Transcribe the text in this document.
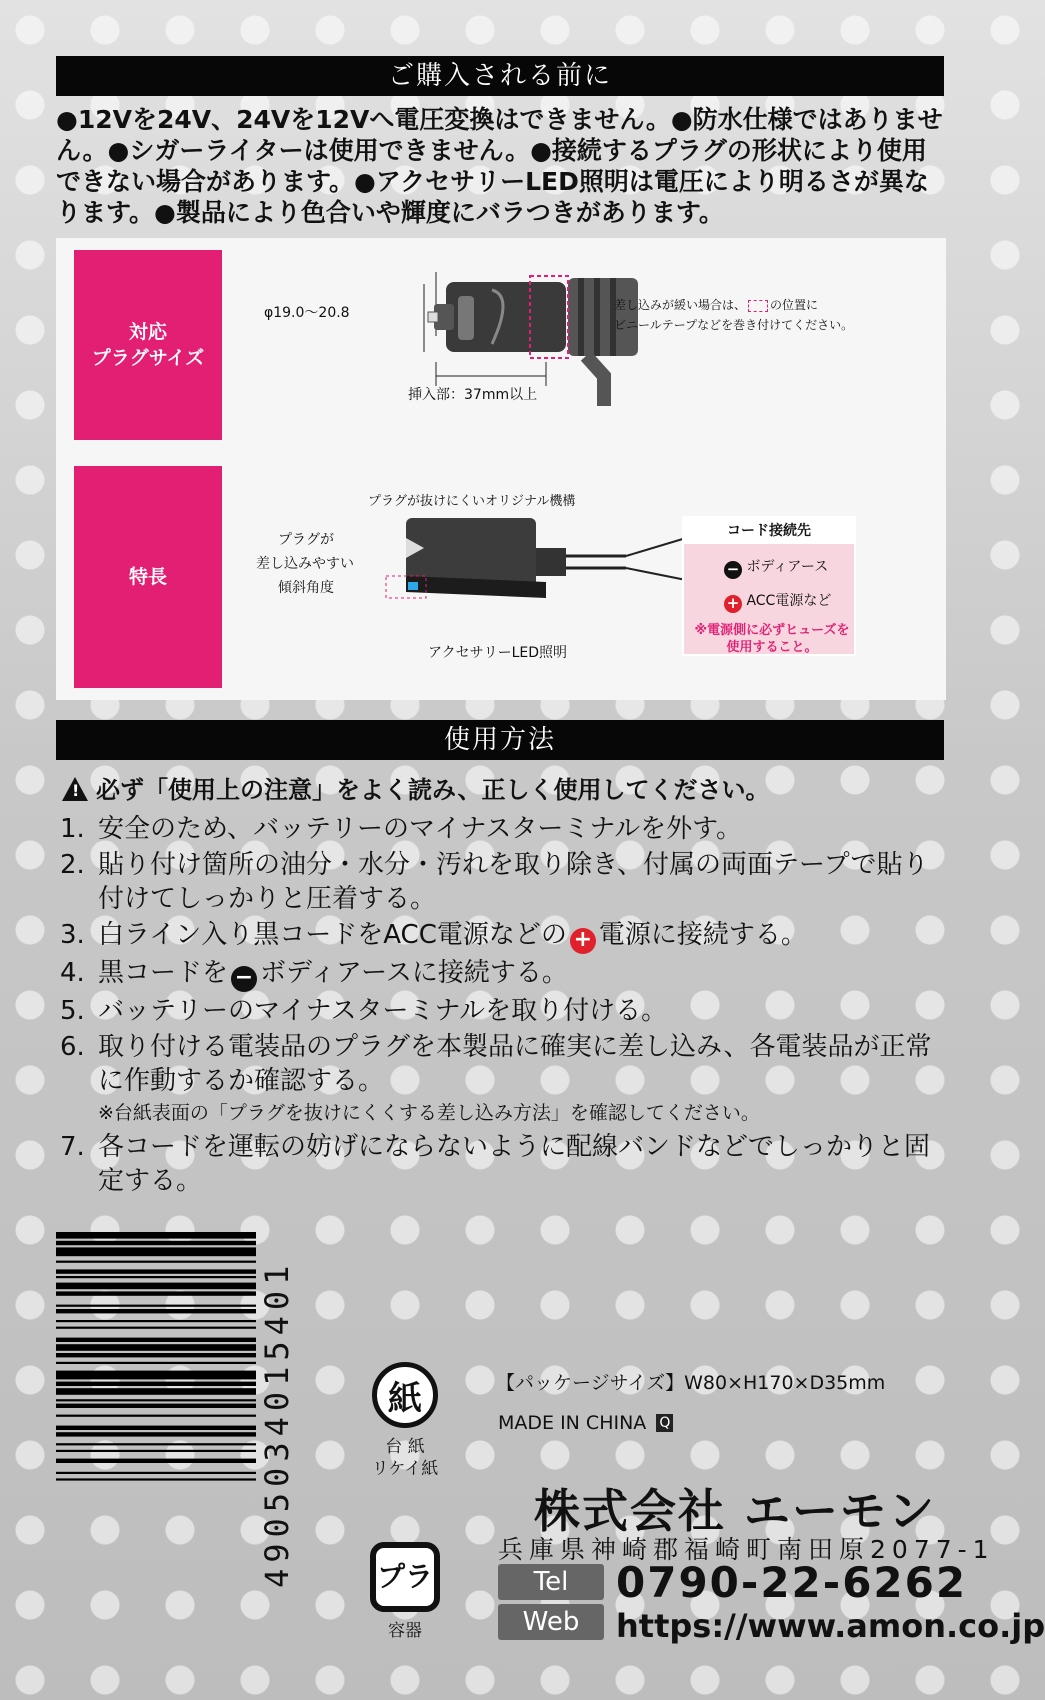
ご購入される前に

●12Vを24V、24Vを12Vへ電圧変換はできません。●防水仕様ではありません。●シガーライターは使用できません。●接続するプラグの形状により使用できない場合があります。●アクセサリーLED照明は電圧により明るさが異なります。●製品により色合いや輝度にバラつきがあります。

対応
プラグサイズ
特長
φ19.0〜20.8
挿入部：37mm以上
差し込みが緩い場合は、 の位置に
ビニールテープなどを巻き付けてください。
プラグが抜けにくいオリジナル機構
プラグが
差し込みやすい
傾斜角度
アクセサリーLED照明
コード接続先
− ボディアース
+ ACC電源など
※電源側に必ずヒューズを使用すること。
使用方法
! 必ず「使用上の注意」をよく読み、正しく使用してください。
1. 安全のため、バッテリーのマイナスターミナルを外す。
2. 貼り付け箇所の油分・水分・汚れを取り除き、付属の両面テープで貼り付けてしっかりと圧着する。
3. 白ライン入り黒コードをACC電源などの + 電源に接続する。
4. 黒コードを − ボディアースに接続する。
5. バッテリーのマイナスターミナルを取り付ける。
6. 取り付ける電装品のプラグを本製品に確実に差し込み、各電装品が正常に作動するか確認する。
※台紙表面の「プラグを抜けにくくする差し込み方法」を確認してください。
7. 各コードを運転の妨げにならないように配線バンドなどでしっかりと固定する。
4905034015401	紙
台 紙
リケイ紙
プラ
容器
【パッケージサイズ】W80×H170×D35mm
MADE IN CHINA Q
株式会社 エーモン
兵庫県神崎郡福崎町南田原2077-1
Tel	0790-22-6262
Web	https://www.amon.co.jp
